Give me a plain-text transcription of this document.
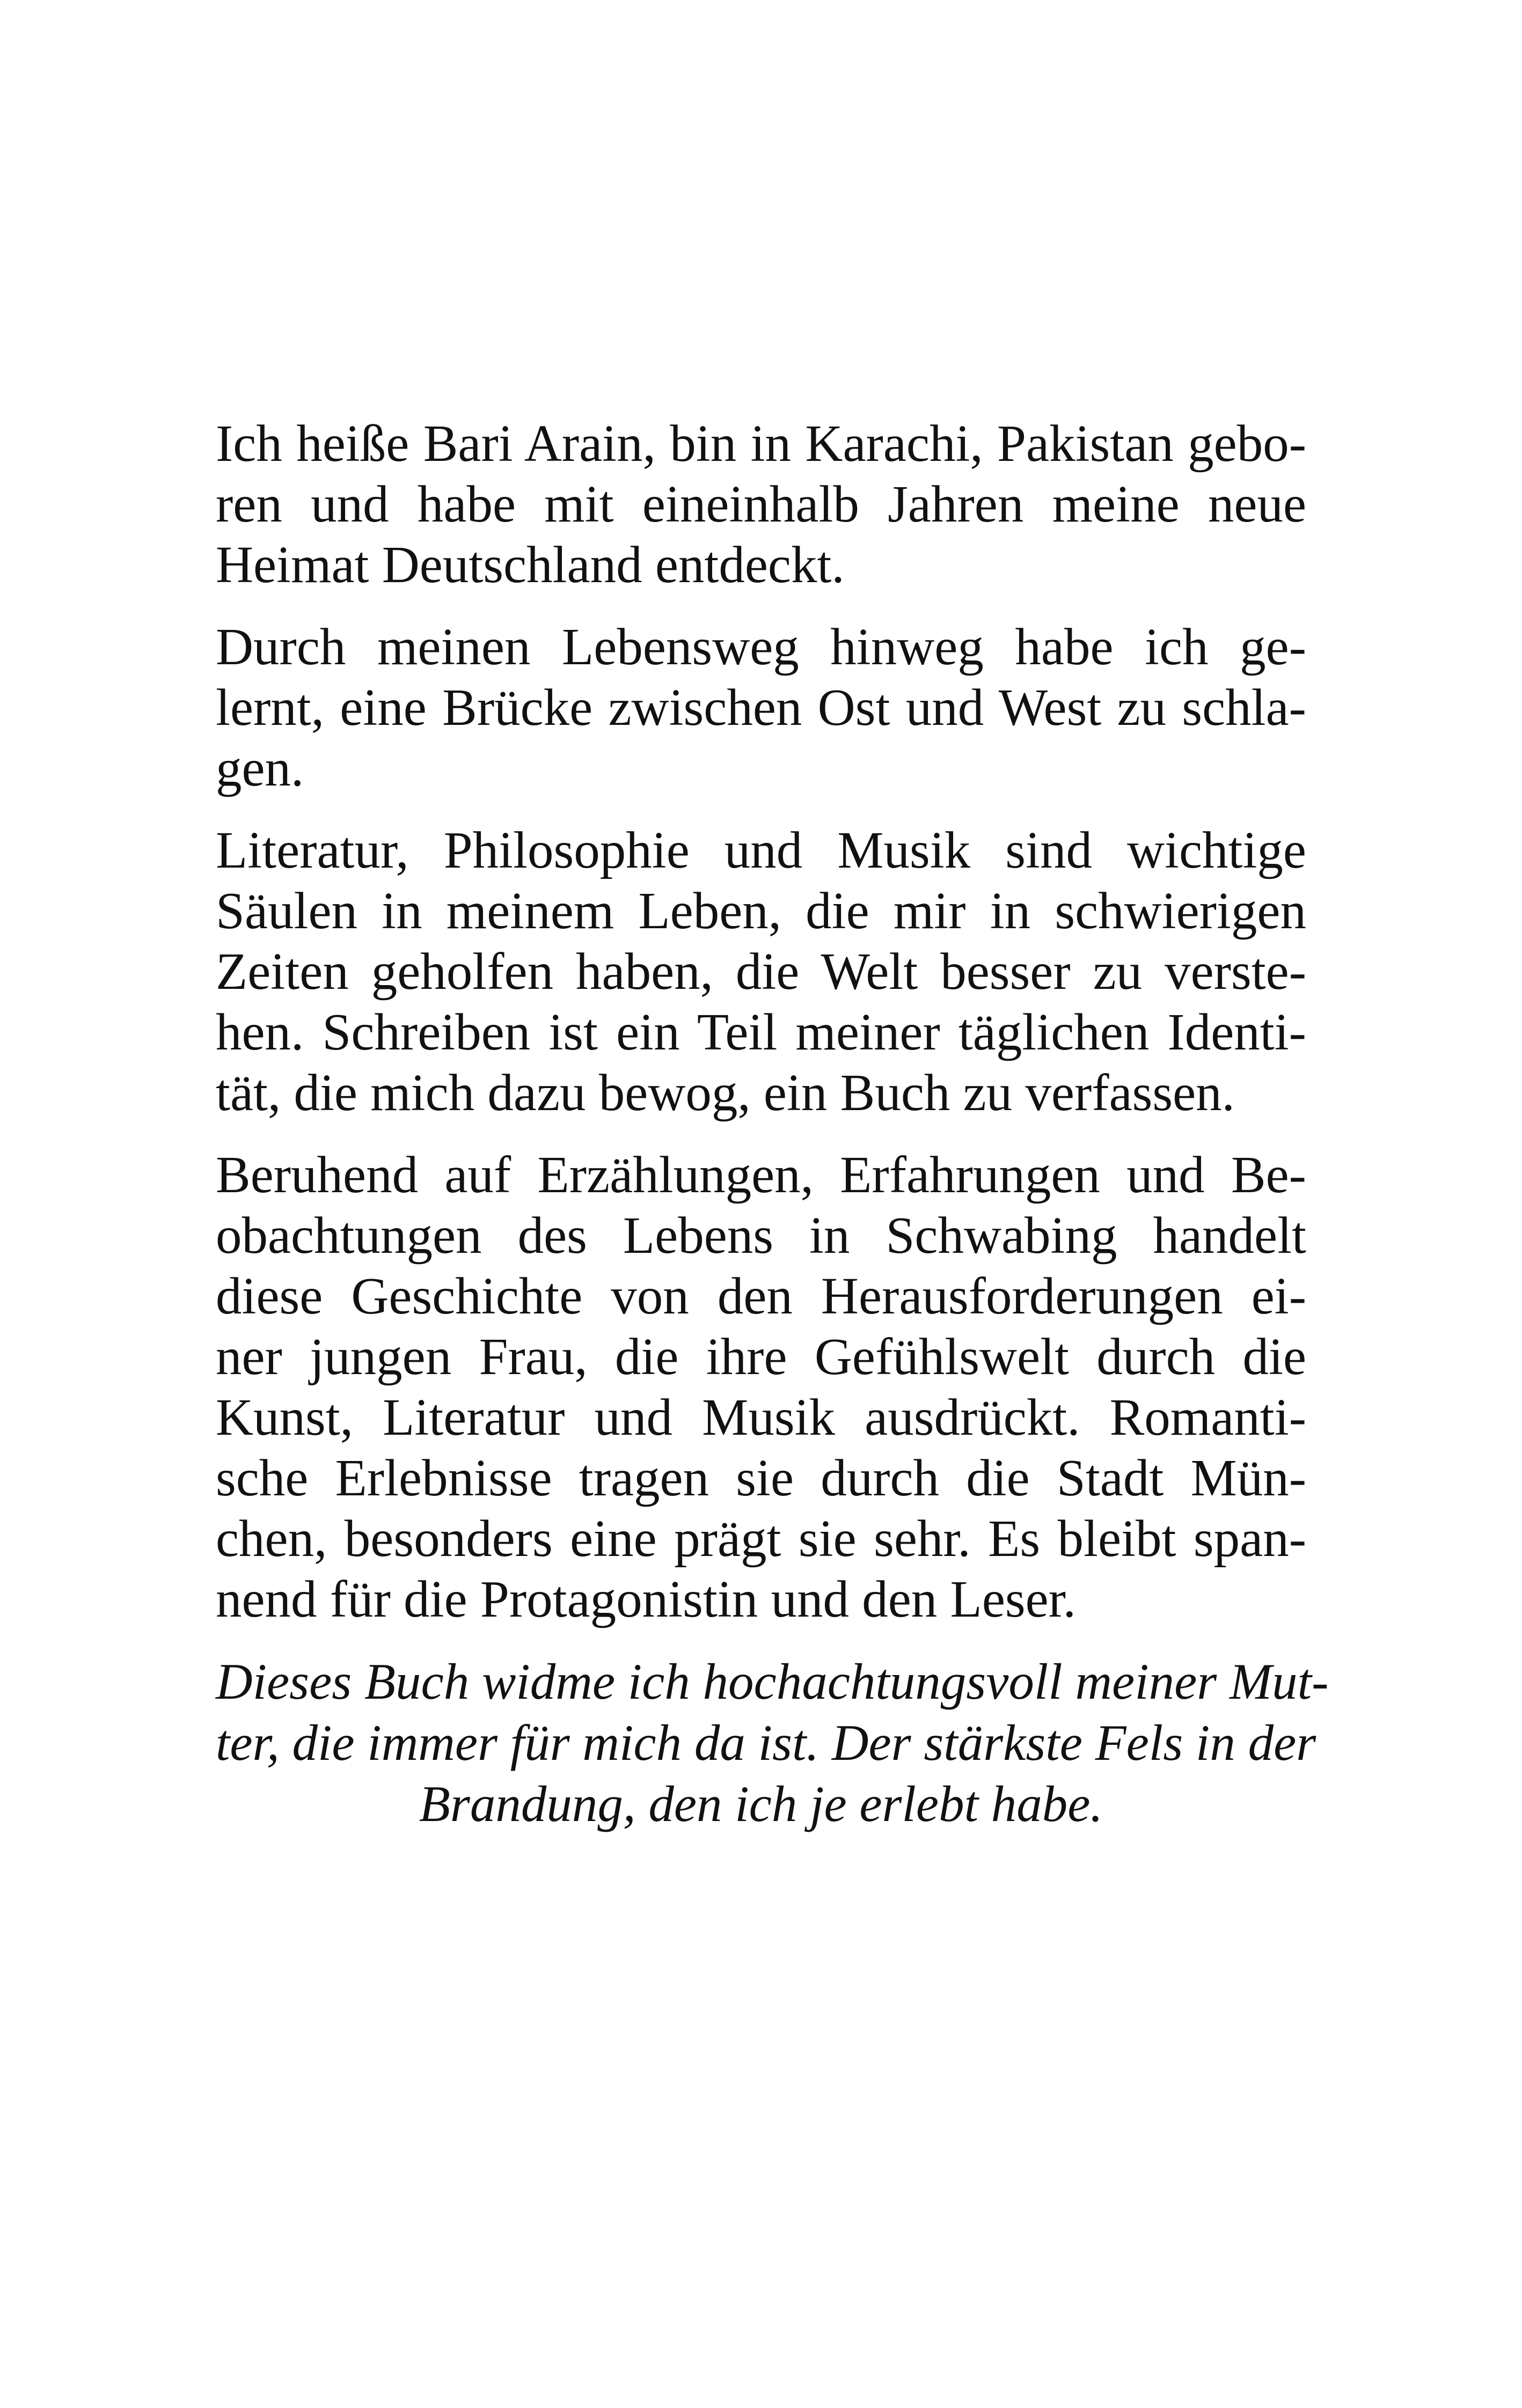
Ich heiße Bari Arain, bin in Karachi, Pakistan gebo-
ren und habe mit eineinhalb Jahren meine neue
Heimat Deutschland entdeckt.

Durch meinen Lebensweg hinweg habe ich ge-
lernt, eine Brücke zwischen Ost und West zu schla-
gen.

Literatur, Philosophie und Musik sind wichtige
Säulen in meinem Leben, die mir in schwierigen
Zeiten geholfen haben, die Welt besser zu verste-
hen. Schreiben ist ein Teil meiner täglichen Identi-
tät, die mich dazu bewog, ein Buch zu verfassen.

Beruhend auf Erzählungen, Erfahrungen und Be-
obachtungen des Lebens in Schwabing handelt
diese Geschichte von den Herausforderungen ei-
ner jungen Frau, die ihre Gefühlswelt durch die
Kunst, Literatur und Musik ausdrückt. Romanti-
sche Erlebnisse tragen sie durch die Stadt Mün-
chen, besonders eine prägt sie sehr. Es bleibt span-
nend für die Protagonistin und den Leser.

Dieses Buch widme ich hochachtungsvoll meiner Mut-
ter, die immer für mich da ist. Der stärkste Fels in der
Brandung, den ich je erlebt habe.
